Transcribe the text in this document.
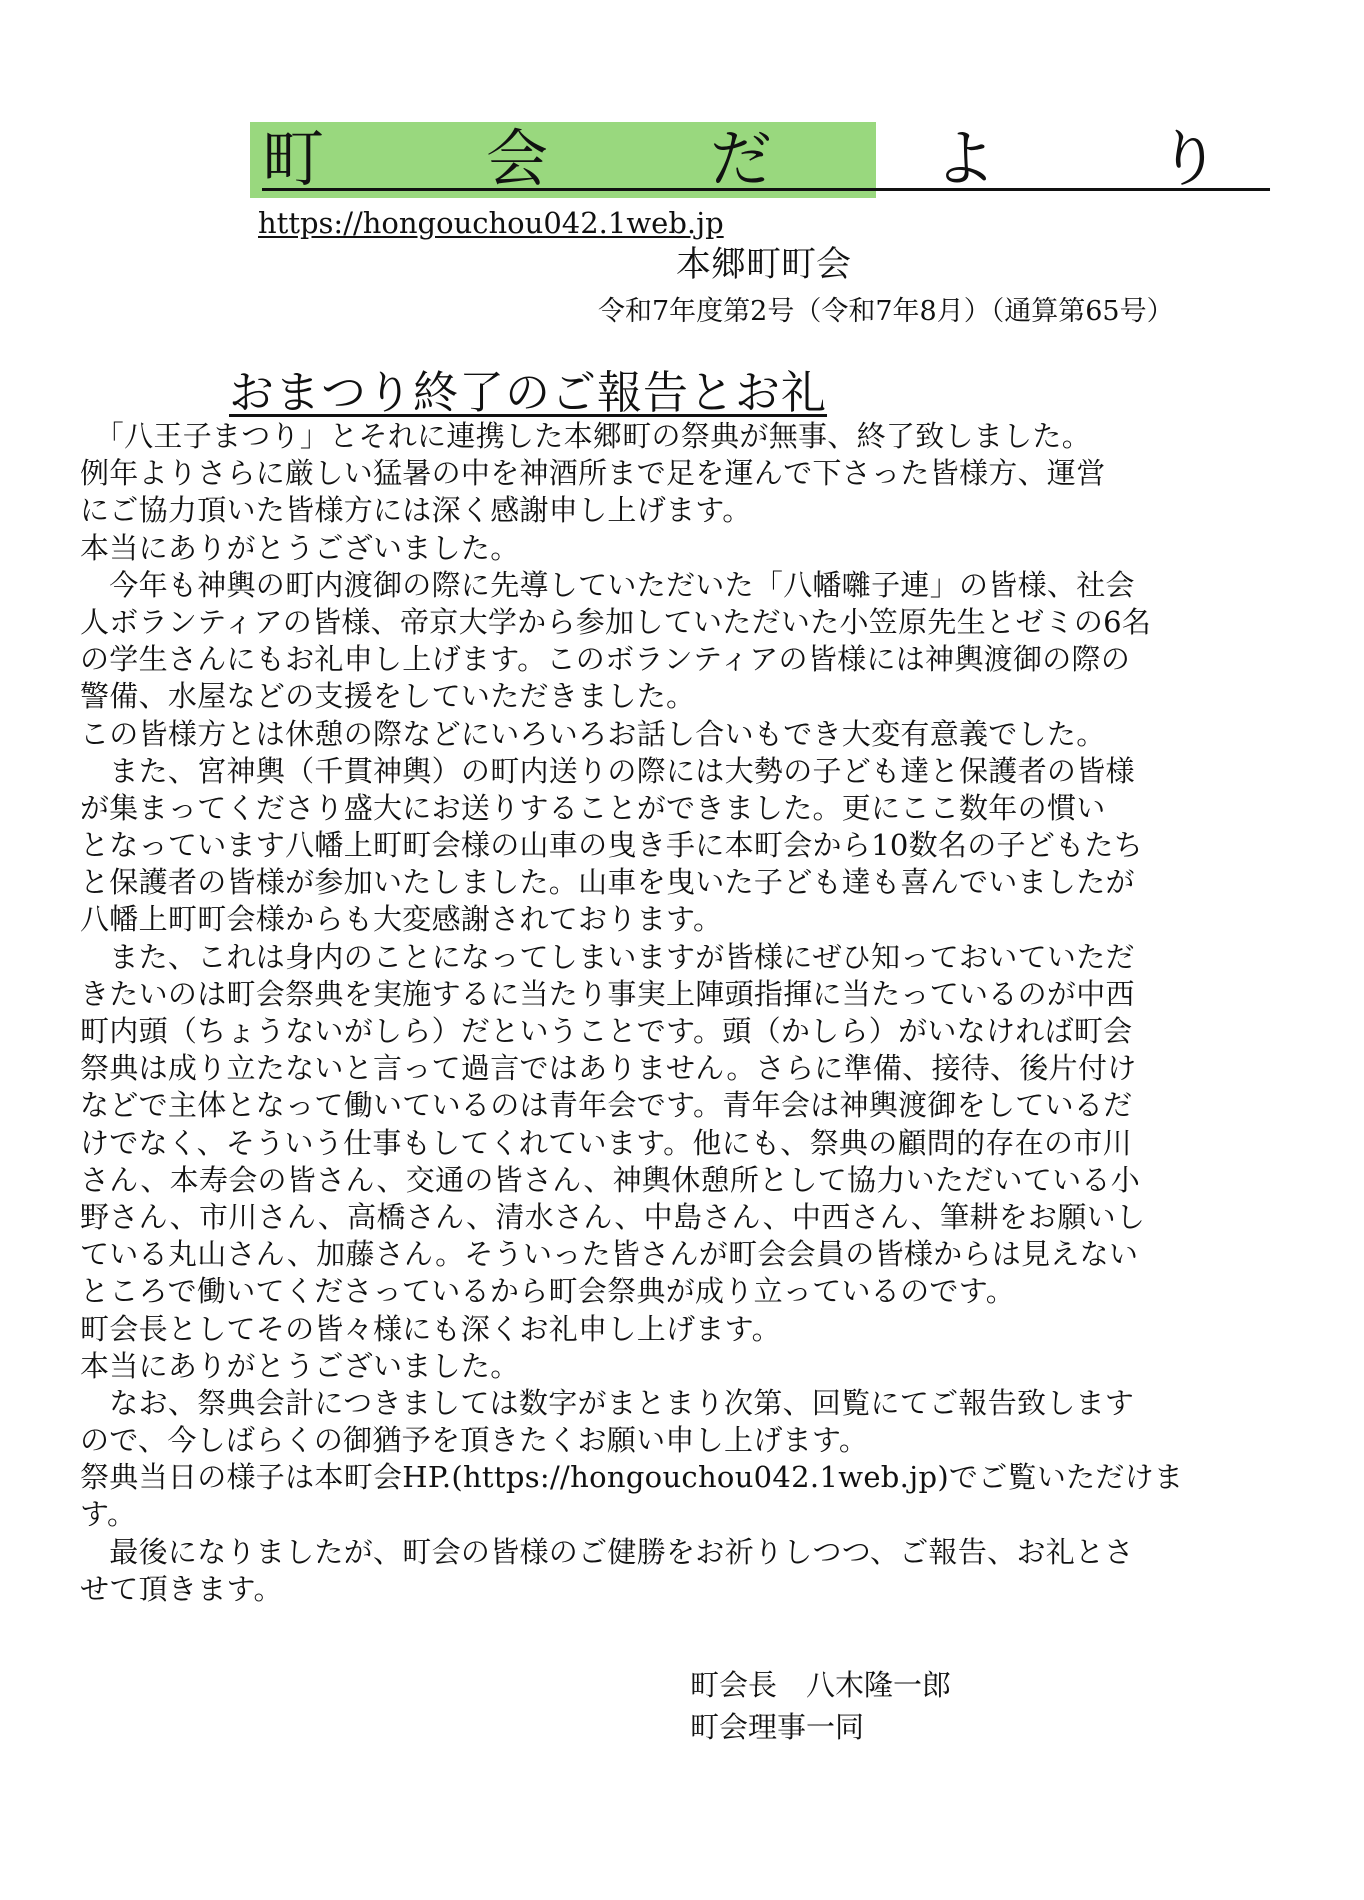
町　会　だ　よ　り
https://hongouchou042.1web.jp
本郷町町会
令和7年度第2号（令和7年8月）（通算第65号）
おまつり終了のご報告とお礼
　「八王子まつり」とそれに連携した本郷町の祭典が無事、終了致しました。
例年よりさらに厳しい猛暑の中を神酒所まで足を運んで下さった皆様方、運営
にご協力頂いた皆様方には深く感謝申し上げます。
本当にありがとうございました。
　今年も神輿の町内渡御の際に先導していただいた「八幡囃子連」の皆様、社会
人ボランティアの皆様、帝京大学から参加していただいた小笠原先生とゼミの6名
の学生さんにもお礼申し上げます。このボランティアの皆様には神輿渡御の際の
警備、水屋などの支援をしていただきました。
この皆様方とは休憩の際などにいろいろお話し合いもでき大変有意義でした。
　また、宮神輿（千貫神輿）の町内送りの際には大勢の子ども達と保護者の皆様
が集まってくださり盛大にお送りすることができました。更にここ数年の慣い
となっています八幡上町町会様の山車の曳き手に本町会から10数名の子どもたち
と保護者の皆様が参加いたしました。山車を曳いた子ども達も喜んでいましたが
八幡上町町会様からも大変感謝されております。
　また、これは身内のことになってしまいますが皆様にぜひ知っておいていただ
きたいのは町会祭典を実施するに当たり事実上陣頭指揮に当たっているのが中西
町内頭（ちょうないがしら）だということです。頭（かしら）がいなければ町会
祭典は成り立たないと言って過言ではありません。さらに準備、接待、後片付け
などで主体となって働いているのは青年会です。青年会は神輿渡御をしているだ
けでなく、そういう仕事もしてくれています。他にも、祭典の顧問的存在の市川
さん、本寿会の皆さん、交通の皆さん、神輿休憩所として協力いただいている小
野さん、市川さん、高橋さん、清水さん、中島さん、中西さん、筆耕をお願いし
ている丸山さん、加藤さん。そういった皆さんが町会会員の皆様からは見えない
ところで働いてくださっているから町会祭典が成り立っているのです。
町会長としてその皆々様にも深くお礼申し上げます。
本当にありがとうございました。
　なお、祭典会計につきましては数字がまとまり次第、回覧にてご報告致します
ので、今しばらくの御猶予を頂きたくお願い申し上げます。
祭典当日の様子は本町会HP.(https://hongouchou042.1web.jp)でご覧いただけま
す。
　最後になりましたが、町会の皆様のご健勝をお祈りしつつ、ご報告、お礼とさ
せて頂きます。
町会長　八木隆一郎
町会理事一同
